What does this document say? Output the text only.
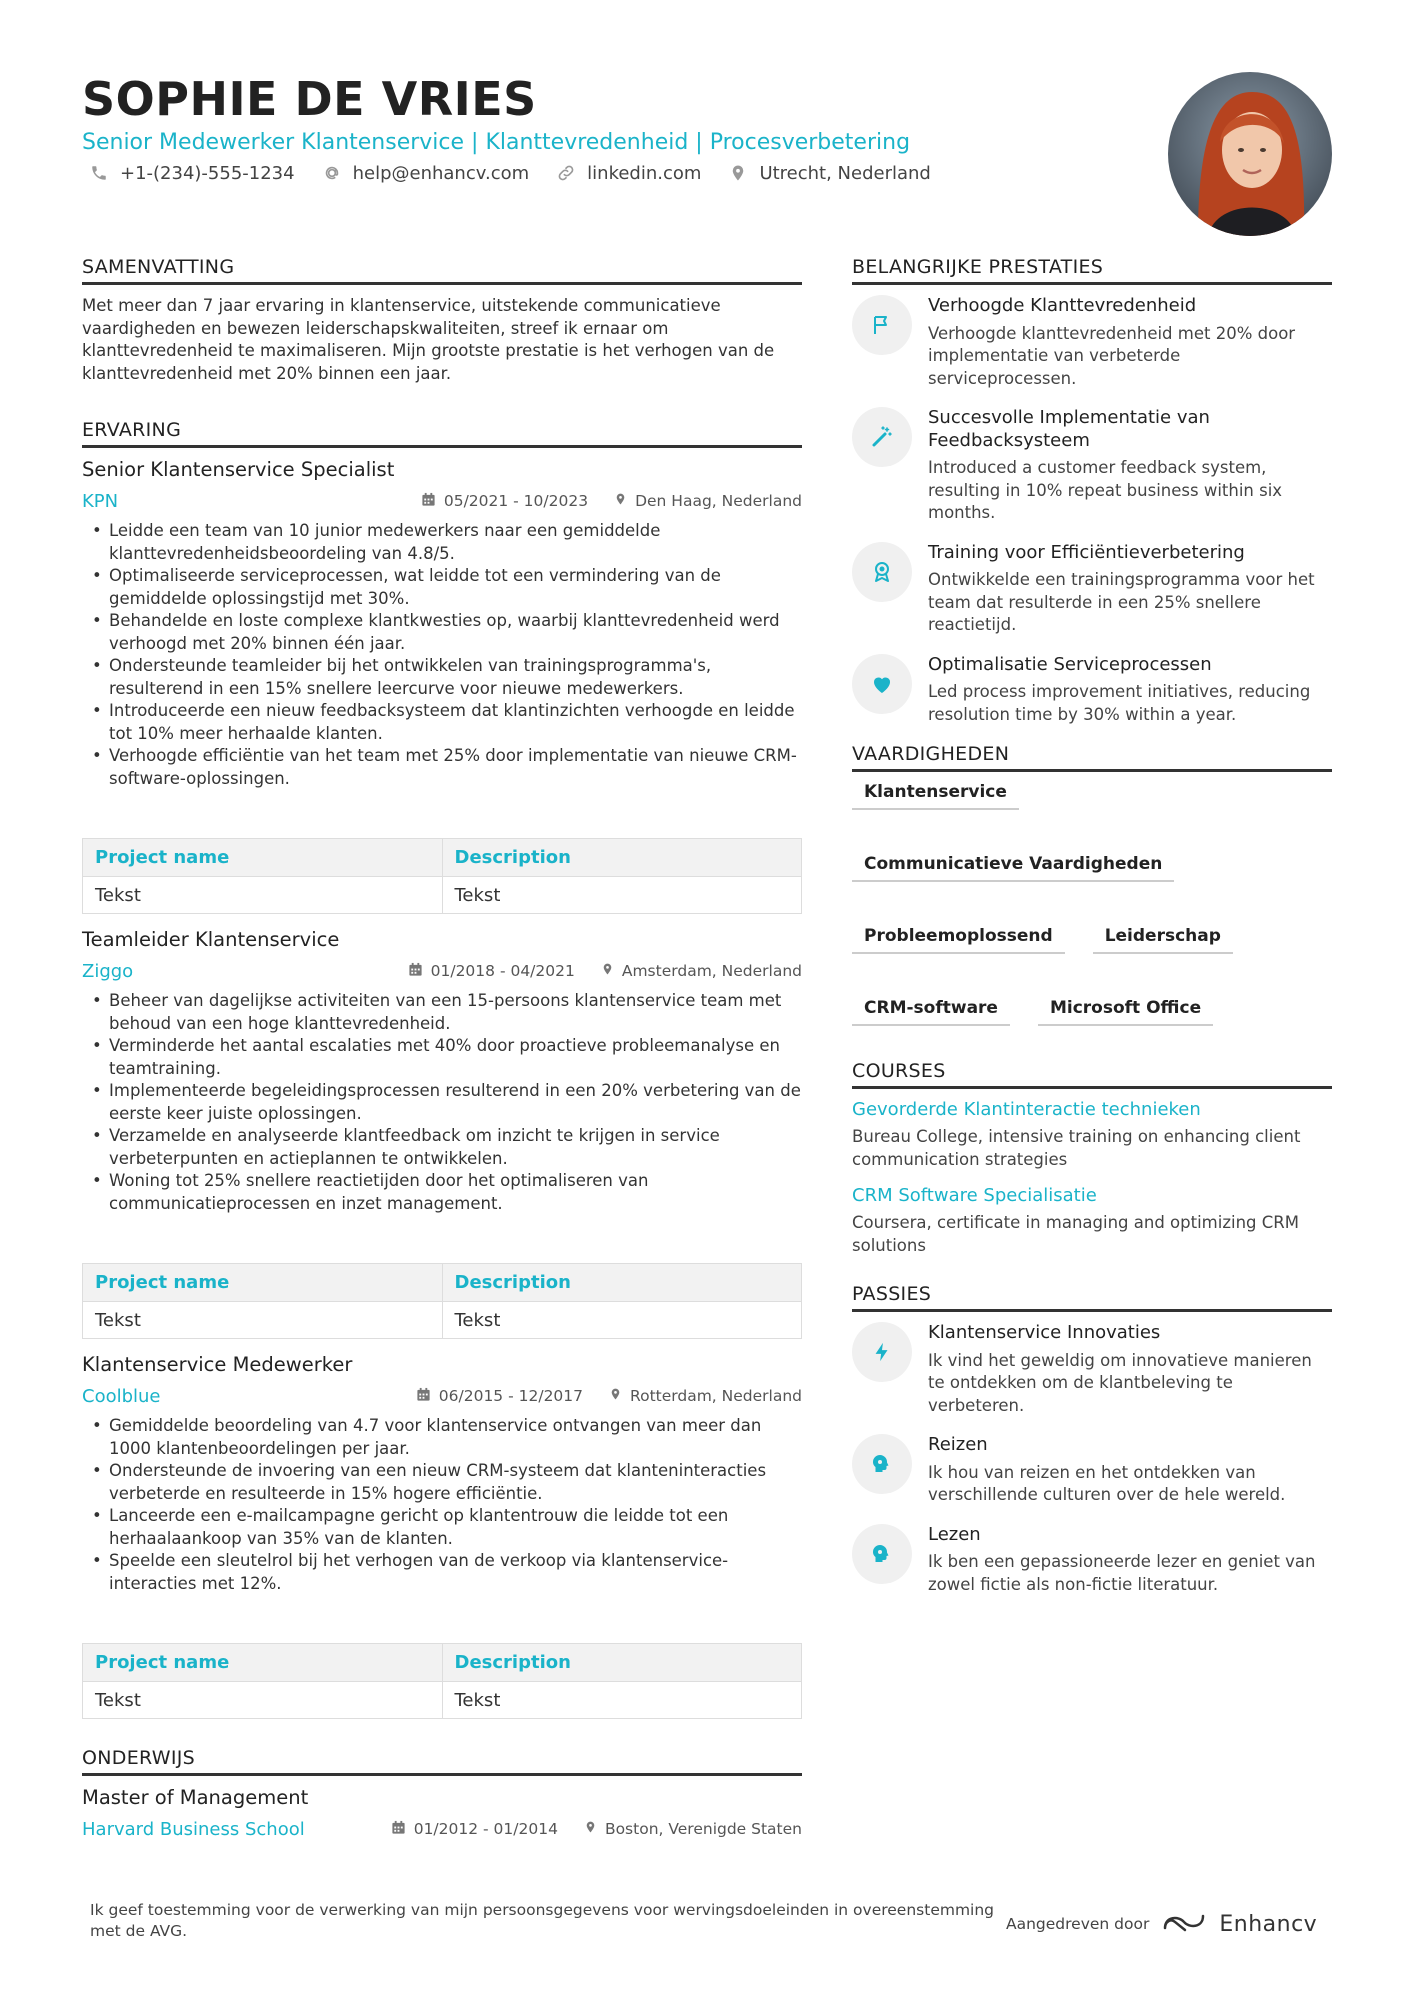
SOPHIE DE VRIES
Senior Medewerker Klantenservice | Klanttevredenheid | Procesverbetering
+1-(234)-555-1234	help@enhancv.com	linkedin.com	Utrecht, Nederland
SAMENVATTING
Met meer dan 7 jaar ervaring in klantenservice, uitstekende communicatieve vaardigheden en bewezen leiderschapskwaliteiten, streef ik ernaar om klanttevredenheid te maximaliseren. Mijn grootste prestatie is het verhogen van de klanttevredenheid met 20% binnen een jaar.
ERVARING
Senior Klantenservice Specialist
KPN	05/2021 - 10/2023	Den Haag, Nederland
• Leidde een team van 10 junior medewerkers naar een gemiddelde klanttevredenheidsbeoordeling van 4.8/5.
• Optimaliseerde serviceprocessen, wat leidde tot een vermindering van de gemiddelde oplossingstijd met 30%.
• Behandelde en loste complexe klantkwesties op, waarbij klanttevredenheid werd verhoogd met 20% binnen één jaar.
• Ondersteunde teamleider bij het ontwikkelen van trainingsprogramma's, resulterend in een 15% snellere leercurve voor nieuwe medewerkers.
• Introduceerde een nieuw feedbacksysteem dat klantinzichten verhoogde en leidde tot 10% meer herhaalde klanten.
• Verhoogde efficiëntie van het team met 25% door implementatie van nieuwe CRM-software-oplossingen.
Project name	Description
Tekst	Tekst
Teamleider Klantenservice
Ziggo	01/2018 - 04/2021	Amsterdam, Nederland
• Beheer van dagelijkse activiteiten van een 15-persoons klantenservice team met behoud van een hoge klanttevredenheid.
• Verminderde het aantal escalaties met 40% door proactieve probleemanalyse en teamtraining.
• Implementeerde begeleidingsprocessen resulterend in een 20% verbetering van de eerste keer juiste oplossingen.
• Verzamelde en analyseerde klantfeedback om inzicht te krijgen in service verbeterpunten en actieplannen te ontwikkelen.
• Woning tot 25% snellere reactietijden door het optimaliseren van communicatieprocessen en inzet management.
Project name	Description
Tekst	Tekst
Klantenservice Medewerker
Coolblue	06/2015 - 12/2017	Rotterdam, Nederland
• Gemiddelde beoordeling van 4.7 voor klantenservice ontvangen van meer dan 1000 klantenbeoordelingen per jaar.
• Ondersteunde de invoering van een nieuw CRM-systeem dat klanteninteracties verbeterde en resulteerde in 15% hogere efficiëntie.
• Lanceerde een e-mailcampagne gericht op klantentrouw die leidde tot een herhaalaankoop van 35% van de klanten.
• Speelde een sleutelrol bij het verhogen van de verkoop via klantenservice-interacties met 12%.
Project name	Description
Tekst	Tekst
ONDERWIJS
Master of Management
Harvard Business School	01/2012 - 01/2014	Boston, Verenigde Staten
BELANGRIJKE PRESTATIES
Verhoogde Klanttevredenheid
Verhoogde klanttevredenheid met 20% door implementatie van verbeterde serviceprocessen.
Succesvolle Implementatie van Feedbacksysteem
Introduced a customer feedback system, resulting in 10% repeat business within six months.
Training voor Efficiëntieverbetering
Ontwikkelde een trainingsprogramma voor het team dat resulterde in een 25% snellere reactietijd.
Optimalisatie Serviceprocessen
Led process improvement initiatives, reducing resolution time by 30% within a year.
VAARDIGHEDEN
Klantenservice
Communicatieve Vaardigheden
Probleemoplossend	Leiderschap
CRM-software	Microsoft Office
COURSES
Gevorderde Klantinteractie technieken
Bureau College, intensive training on enhancing client communication strategies
CRM Software Specialisatie
Coursera, certificate in managing and optimizing CRM solutions
PASSIES
Klantenservice Innovaties
Ik vind het geweldig om innovatieve manieren te ontdekken om de klantbeleving te verbeteren.
Reizen
Ik hou van reizen en het ontdekken van verschillende culturen over de hele wereld.
Lezen
Ik ben een gepassioneerde lezer en geniet van zowel fictie als non-fictie literatuur.
Ik geef toestemming voor de verwerking van mijn persoonsgegevens voor wervingsdoeleinden in overeenstemming met de AVG.	Aangedreven door	Enhancv
